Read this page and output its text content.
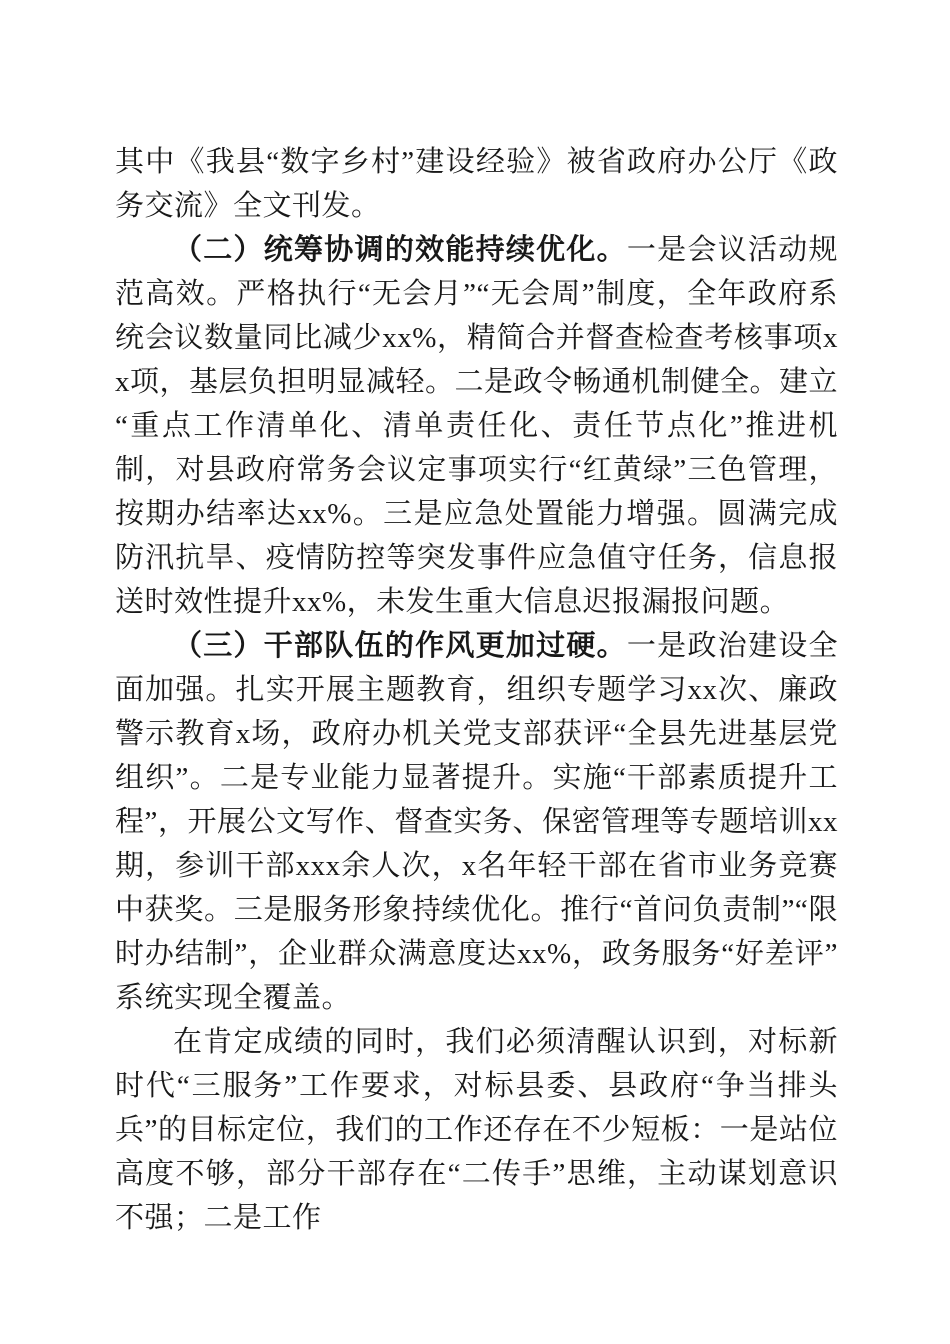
其中《我县“数字乡村”建设经验》被省政府办公厅《政务交流》全文刊发。

（二）统筹协调的效能持续优化。一是会议活动规范高效。严格执行“无会月”“无会周”制度，全年政府系统会议数量同比减少xx%，精简合并督查检查考核事项xx项，基层负担明显减轻。二是政令畅通机制健全。建立“重点工作清单化、清单责任化、责任节点化”推进机制，对县政府常务会议定事项实行“红黄绿”三色管理，按期办结率达xx%。三是应急处置能力增强。圆满完成防汛抗旱、疫情防控等突发事件应急值守任务，信息报送时效性提升xx%，未发生重大信息迟报漏报问题。

（三）干部队伍的作风更加过硬。一是政治建设全面加强。扎实开展主题教育，组织专题学习xx次、廉政警示教育x场，政府办机关党支部获评“全县先进基层党组织”。二是专业能力显著提升。实施“干部素质提升工程”，开展公文写作、督查实务、保密管理等专题培训xx期，参训干部xxx余人次，x名年轻干部在省市业务竞赛中获奖。三是服务形象持续优化。推行“首问负责制”“限时办结制”，企业群众满意度达xx%，政务服务“好差评”系统实现全覆盖。

在肯定成绩的同时，我们必须清醒认识到，对标新时代“三服务”工作要求，对标县委、县政府“争当排头兵”的目标定位，我们的工作还存在不少短板：一是站位高度不够，部分干部存在“二传手”思维，主动谋划意识不强；二是工作
